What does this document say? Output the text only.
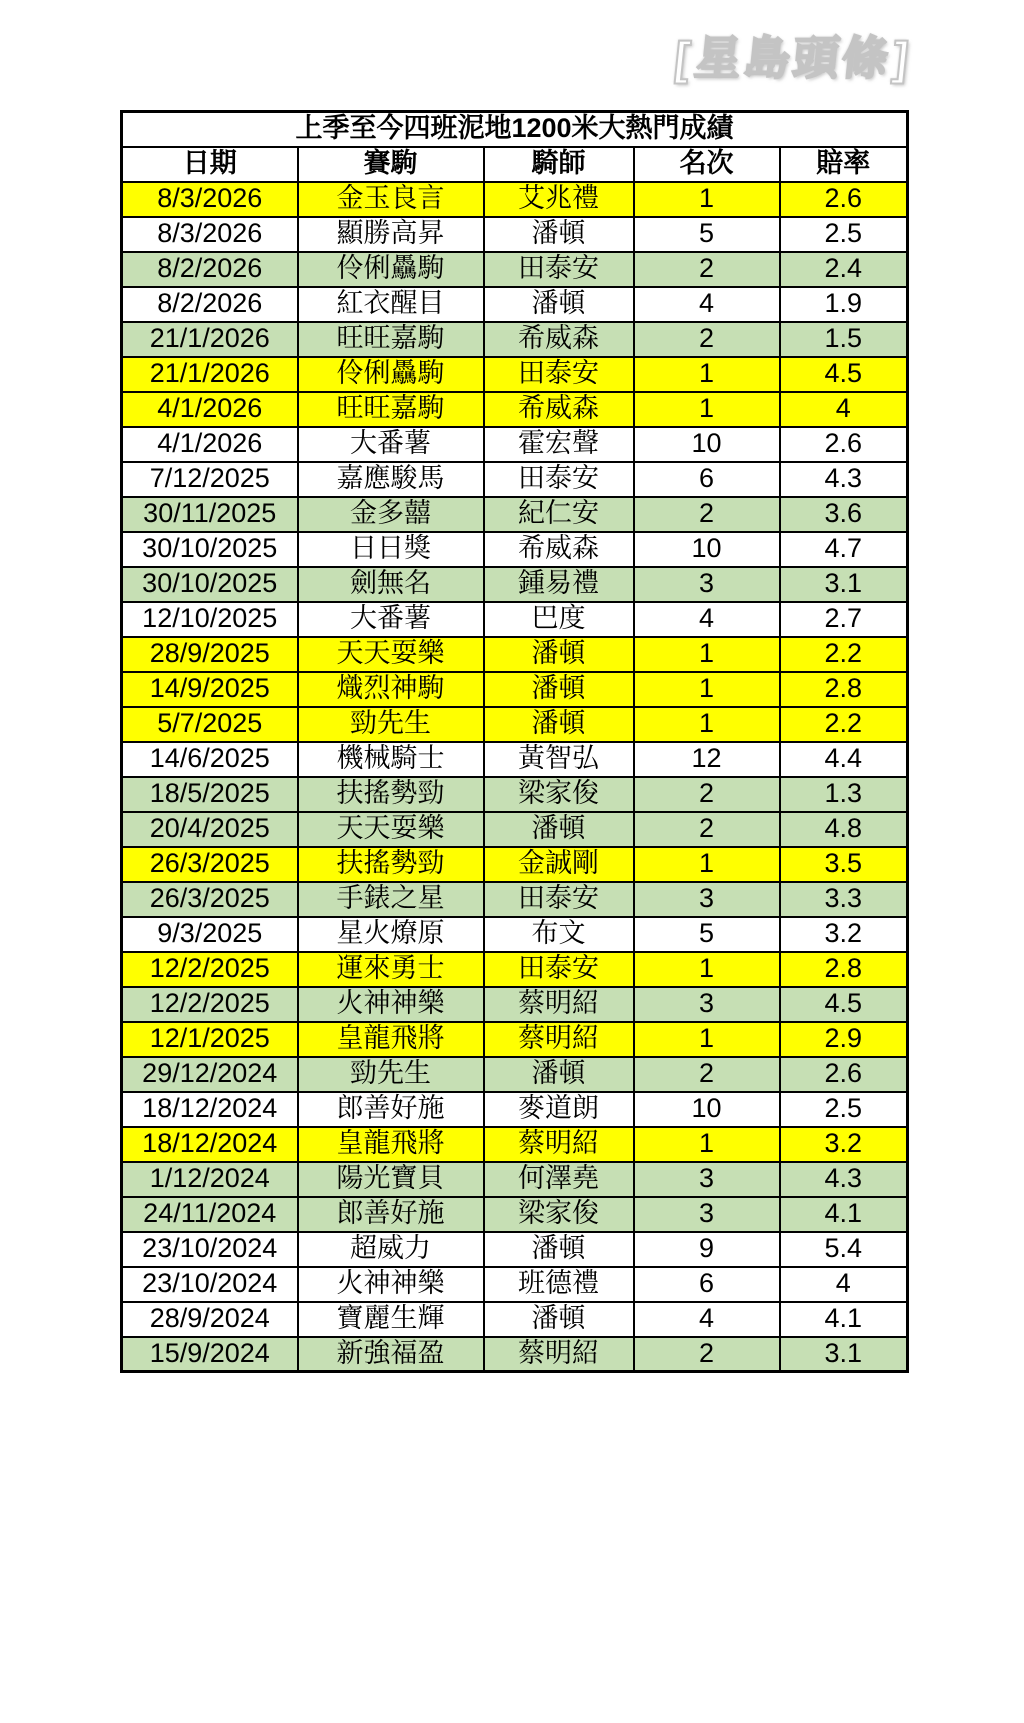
[星島頭條]
上季至今四班泥地1200米大熱門成績				
日期	賽駒	騎師	名次	賠率
8/3/2026	金玉良言	艾兆禮	1	2.6
8/3/2026	顯勝高昇	潘頓	5	2.5
8/2/2026	伶俐驫駒	田泰安	2	2.4
8/2/2026	紅衣醒目	潘頓	4	1.9
21/1/2026	旺旺嘉駒	希威森	2	1.5
21/1/2026	伶俐驫駒	田泰安	1	4.5
4/1/2026	旺旺嘉駒	希威森	1	4
4/1/2026	大番薯	霍宏聲	10	2.6
7/12/2025	嘉應駿馬	田泰安	6	4.3
30/11/2025	金多囍	紀仁安	2	3.6
30/10/2025	日日獎	希威森	10	4.7
30/10/2025	劍無名	鍾易禮	3	3.1
12/10/2025	大番薯	巴度	4	2.7
28/9/2025	天天耍樂	潘頓	1	2.2
14/9/2025	熾烈神駒	潘頓	1	2.8
5/7/2025	勁先生	潘頓	1	2.2
14/6/2025	機械騎士	黃智弘	12	4.4
18/5/2025	扶搖勢勁	梁家俊	2	1.3
20/4/2025	天天耍樂	潘頓	2	4.8
26/3/2025	扶搖勢勁	金誠剛	1	3.5
26/3/2025	手錶之星	田泰安	3	3.3
9/3/2025	星火燎原	布文	5	3.2
12/2/2025	運來勇士	田泰安	1	2.8
12/2/2025	火神神樂	蔡明紹	3	4.5
12/1/2025	皇龍飛將	蔡明紹	1	2.9
29/12/2024	勁先生	潘頓	2	2.6
18/12/2024	郎善好施	麥道朗	10	2.5
18/12/2024	皇龍飛將	蔡明紹	1	3.2
1/12/2024	陽光寶貝	何澤堯	3	4.3
24/11/2024	郎善好施	梁家俊	3	4.1
23/10/2024	超威力	潘頓	9	5.4
23/10/2024	火神神樂	班德禮	6	4
28/9/2024	寶麗生輝	潘頓	4	4.1
15/9/2024	新強福盈	蔡明紹	2	3.1
